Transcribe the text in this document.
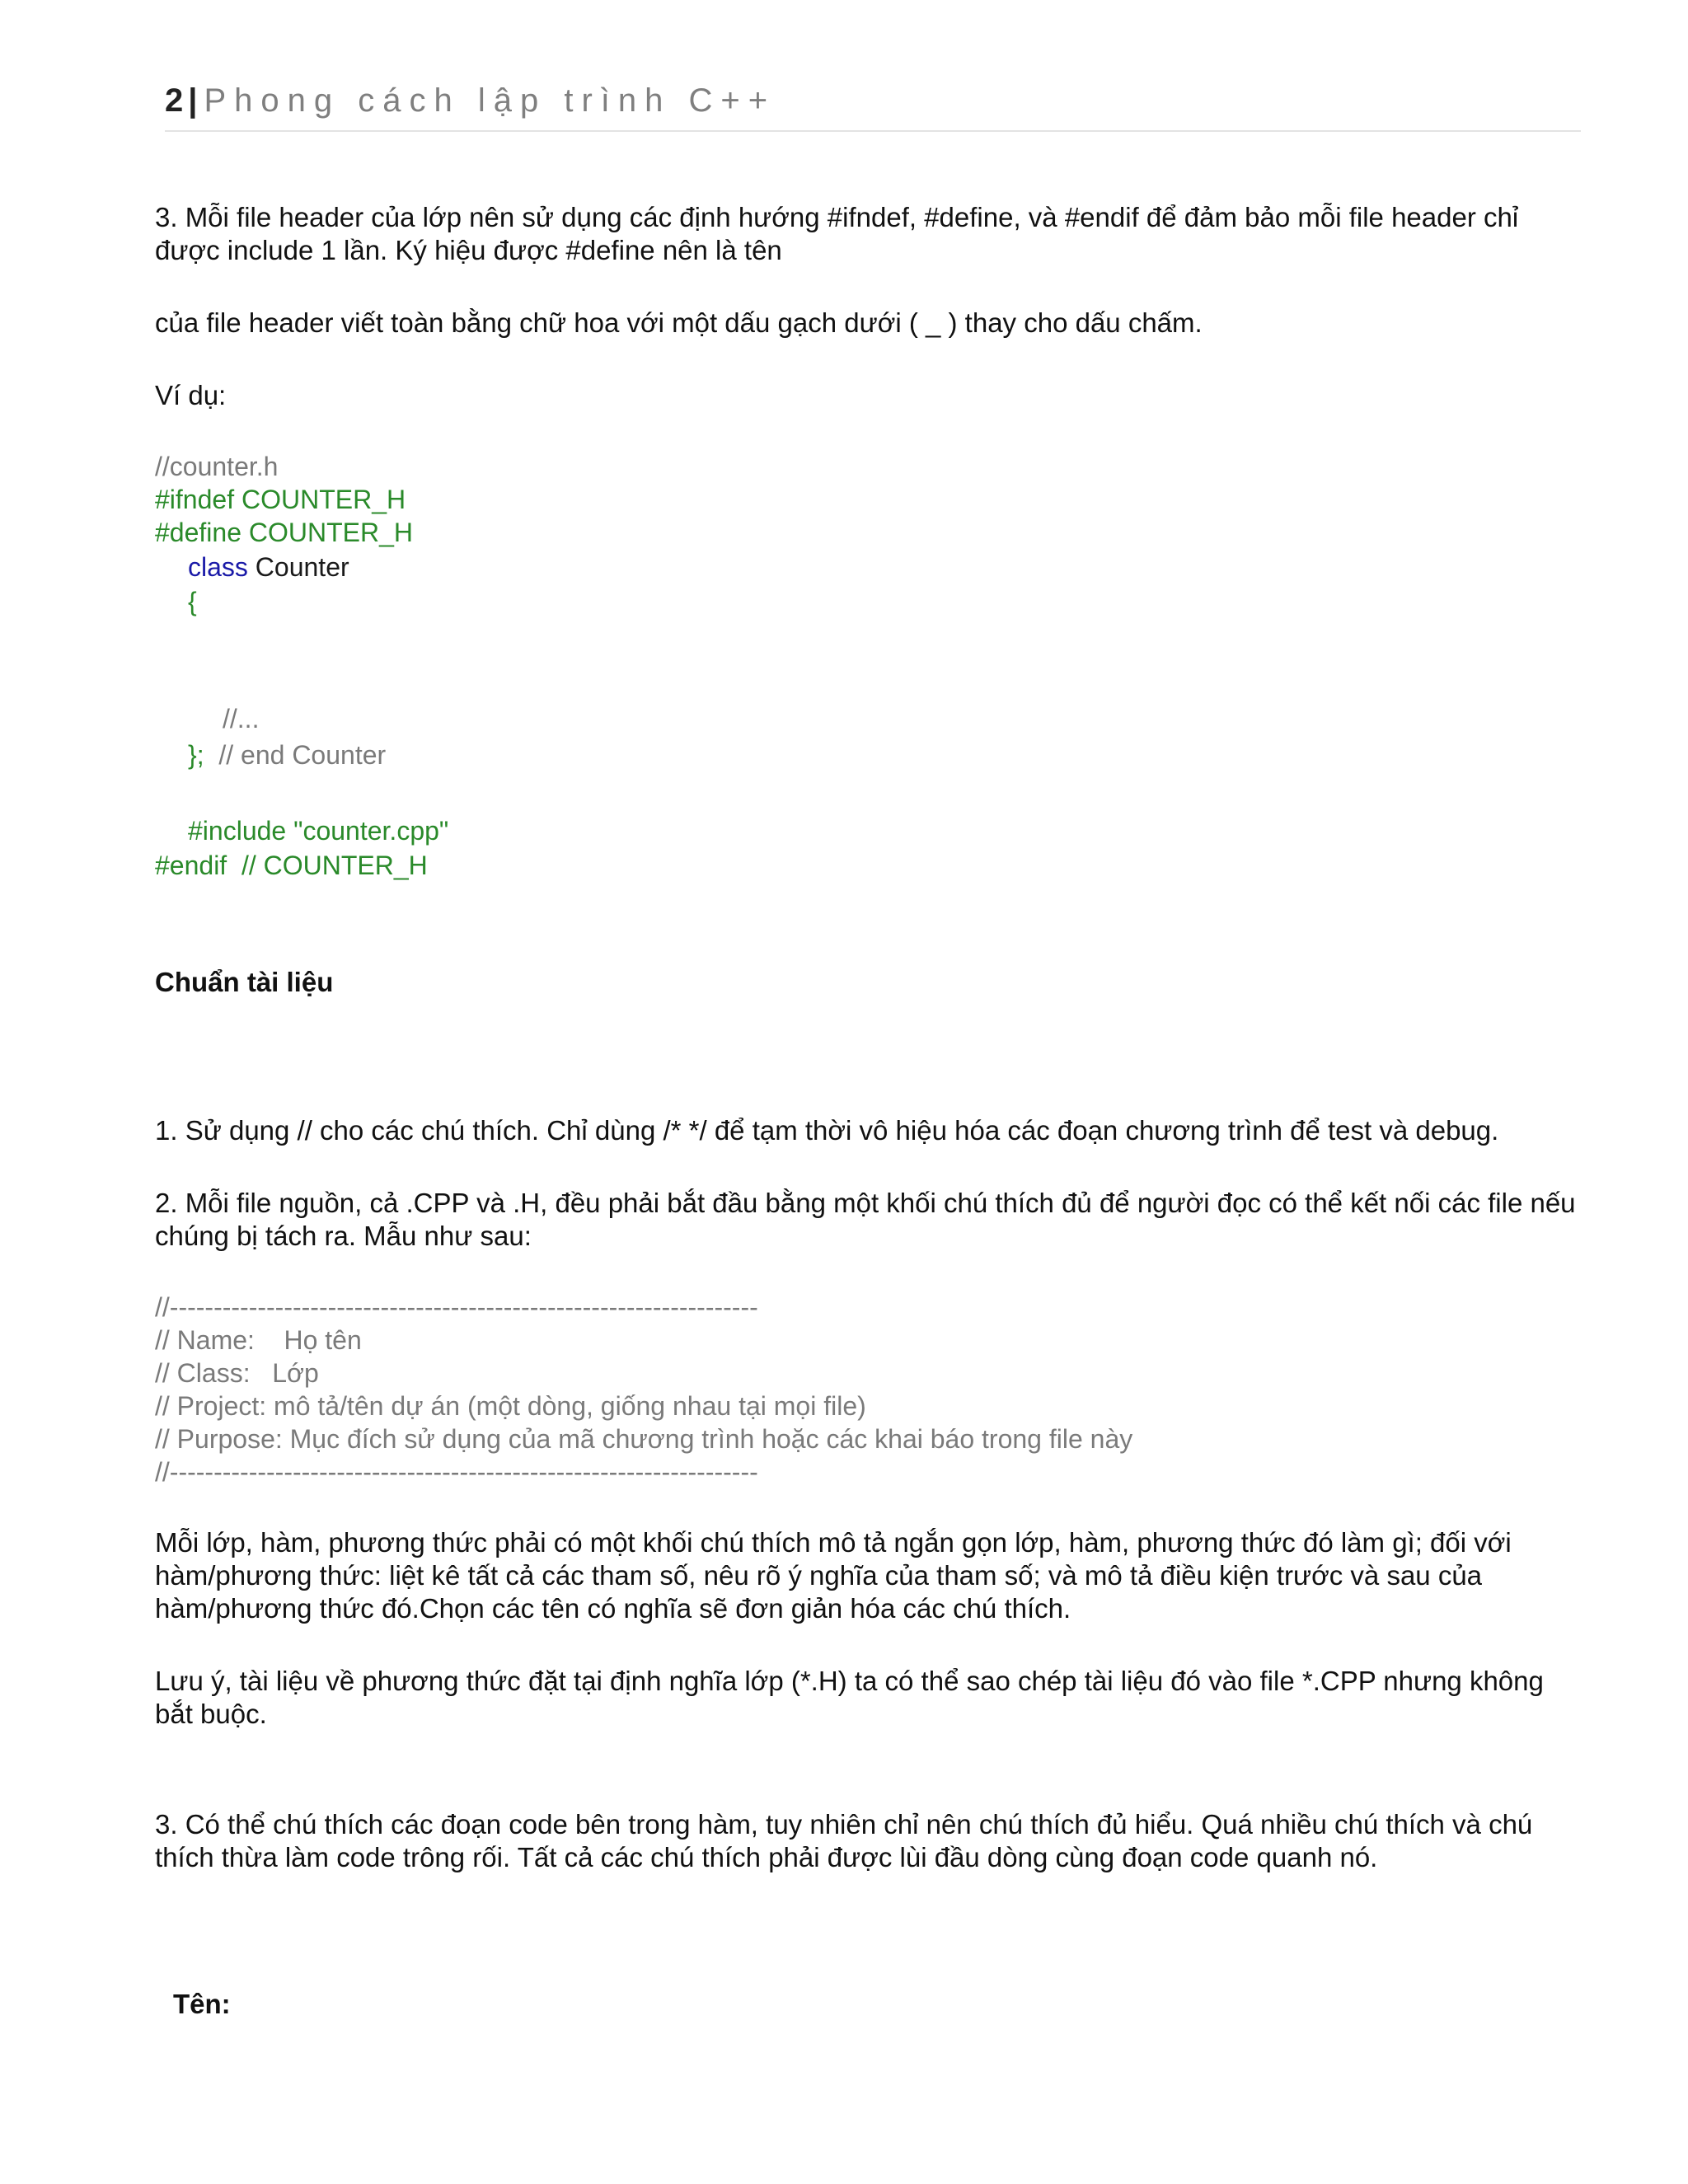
2 | Phong cách lập trình C++

3. Mỗi file header của lớp nên sử dụng các định hướng #ifndef, #define, và #endif để đảm bảo mỗi file header chỉ

được include 1 lần. Ký hiệu được #define nên là tên

của file header viết toàn bằng chữ hoa với một dấu gạch dưới ( _ ) thay cho dấu chấm.

Ví dụ:

//counter.h
#ifndef COUNTER_H
#define COUNTER_H
class Counter
{
//...
};  // end Counter
#include "counter.cpp"
#endif  // COUNTER_H

Chuẩn tài liệu

1. Sử dụng // cho các chú thích. Chỉ dùng /* */ để tạm thời vô hiệu hóa các đoạn chương trình để test và debug.

2. Mỗi file nguồn, cả .CPP và .H, đều phải bắt đầu bằng một khối chú thích đủ để người đọc có thể kết nối các file nếu

chúng bị tách ra. Mẫu như sau:

//-------------------------------------------------------------------
// Name:    Họ tên
// Class:   Lớp
// Project: mô tả/tên dự án (một dòng, giống nhau tại mọi file)
// Purpose: Mục đích sử dụng của mã chương trình hoặc các khai báo trong file này
//-------------------------------------------------------------------

Mỗi lớp, hàm, phương thức phải có một khối chú thích mô tả ngắn gọn lớp, hàm, phương thức đó làm gì; đối với

hàm/phương thức: liệt kê tất cả các tham số, nêu rõ ý nghĩa của tham số; và mô tả điều kiện trước và sau của

hàm/phương thức đó.Chọn các tên có nghĩa sẽ đơn giản hóa các chú thích.

Lưu ý, tài liệu về phương thức đặt tại định nghĩa lớp (*.H) ta có thể sao chép tài liệu đó vào file *.CPP nhưng không

bắt buộc.

3. Có thể chú thích các đoạn code bên trong hàm, tuy nhiên chỉ nên chú thích đủ hiểu. Quá nhiều chú thích và chú

thích thừa làm code trông rối. Tất cả các chú thích phải được lùi đầu dòng cùng đoạn code quanh nó.

Tên:
